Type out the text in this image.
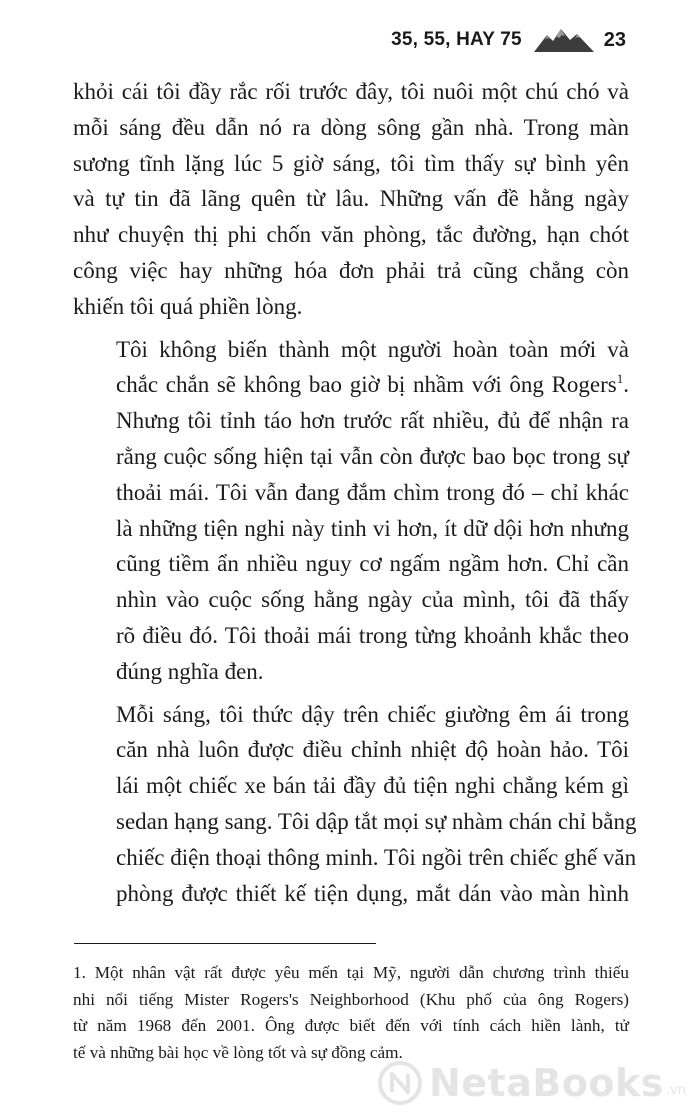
35, 55, HAY 75	23

khỏi cái tôi đầy rắc rối trước đây, tôi nuôi một chú chó và
mỗi sáng đều dẫn nó ra dòng sông gần nhà. Trong màn
sương tĩnh lặng lúc 5 giờ sáng, tôi tìm thấy sự bình yên
và tự tin đã lãng quên từ lâu. Những vấn đề hằng ngày
như chuyện thị phi chốn văn phòng, tắc đường, hạn chót
công việc hay những hóa đơn phải trả cũng chẳng còn
khiến tôi quá phiền lòng.

Tôi không biến thành một người hoàn toàn mới và
chắc chắn sẽ không bao giờ bị nhầm với ông Rogers$^1$.
Nhưng tôi tỉnh táo hơn trước rất nhiều, đủ để nhận ra
rằng cuộc sống hiện tại vẫn còn được bao bọc trong sự
thoải mái. Tôi vẫn đang đắm chìm trong đó – chỉ khác
là những tiện nghi này tinh vi hơn, ít dữ dội hơn nhưng
cũng tiềm ẩn nhiều nguy cơ ngấm ngầm hơn. Chỉ cần
nhìn vào cuộc sống hằng ngày của mình, tôi đã thấy
rõ điều đó. Tôi thoải mái trong từng khoảnh khắc theo
đúng nghĩa đen.

Mỗi sáng, tôi thức dậy trên chiếc giường êm ái trong
căn nhà luôn được điều chỉnh nhiệt độ hoàn hảo. Tôi
lái một chiếc xe bán tải đầy đủ tiện nghi chẳng kém gì
sedan hạng sang. Tôi dập tắt mọi sự nhàm chán chỉ bằng
chiếc điện thoại thông minh. Tôi ngồi trên chiếc ghế văn
phòng được thiết kế tiện dụng, mắt dán vào màn hình

1. Một nhân vật rất được yêu mến tại Mỹ, người dẫn chương trình thiếu
nhi nổi tiếng Mister Rogers's Neighborhood (Khu phố của ông Rogers)
từ năm 1968 đến 2001. Ông được biết đến với tính cách hiền lành, tử
tế và những bài học về lòng tốt và sự đồng cảm.
NetaBooks .vn
